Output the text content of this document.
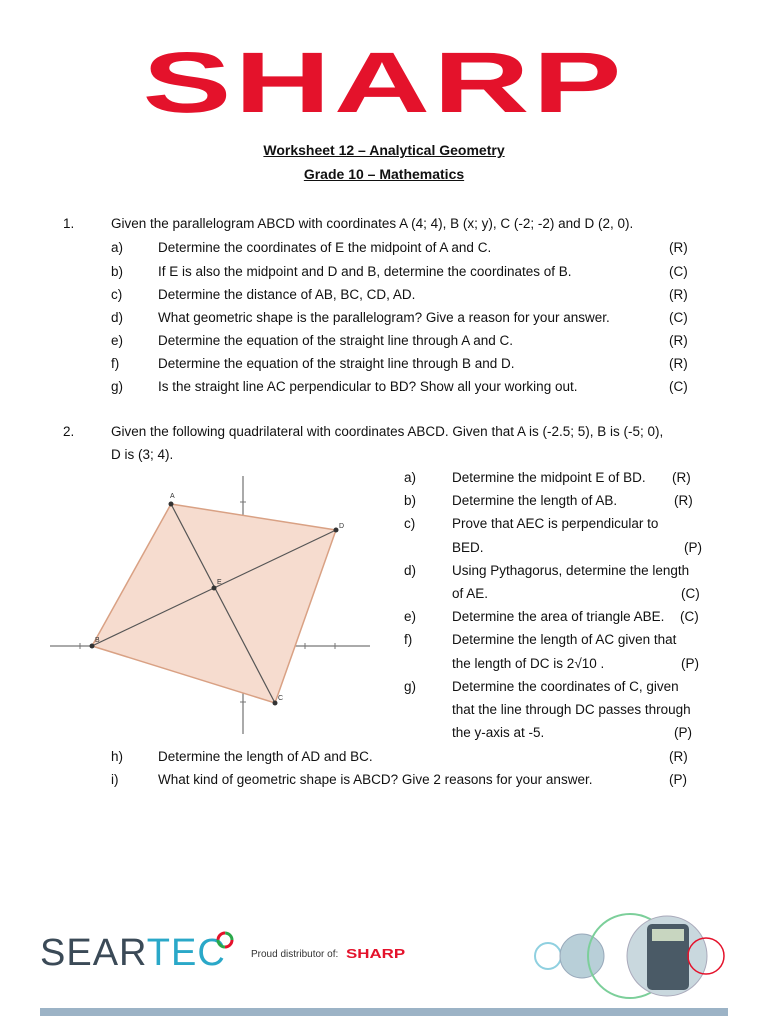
SHARP
Worksheet 12 – Analytical Geometry
Grade 10 – Mathematics
1.	Given the parallelogram ABCD with coordinates A (4; 4), B (x; y), C (-2; -2) and D (2, 0).
a)	Determine the coordinates of E the midpoint of A and C.	(R)
b)	If E is also the midpoint and D and B, determine the coordinates of B.	(C)
c)	Determine the distance of AB, BC, CD, AD.	(R)
d)	What geometric shape is the parallelogram? Give a reason for your answer.	(C)
e)	Determine the equation of the straight line through A and C.	(R)
f)	Determine the equation of the straight line through B and D.	(R)
g)	Is the straight line AC perpendicular to BD? Show all your working out.	(C)
2.	Given the following quadrilateral with coordinates ABCD. Given that A is (-2.5; 5), B is (-5; 0),
D is (3; 4).
A
D
C
B
E
a)	Determine the midpoint E of BD. (R)
b)	Determine the length of AB.	(R)
c)	Prove that AEC is perpendicular to
BED.	(P)
d)	Using Pythagorus, determine the length
of AE.	(C)
e)	Determine the area of triangle ABE. (C)
f)	Determine the length of AC given that
the length of DC is 2√10 .	(P)
g)	Determine the coordinates of C, given
that the line through DC passes through
the y-axis at -5.	(P)
h)	Determine the length of AD and BC.	(R)
i)	What kind of geometric shape is ABCD? Give 2 reasons for your answer.	(P)
SEARTEC	Proud distributor of: SHARP
